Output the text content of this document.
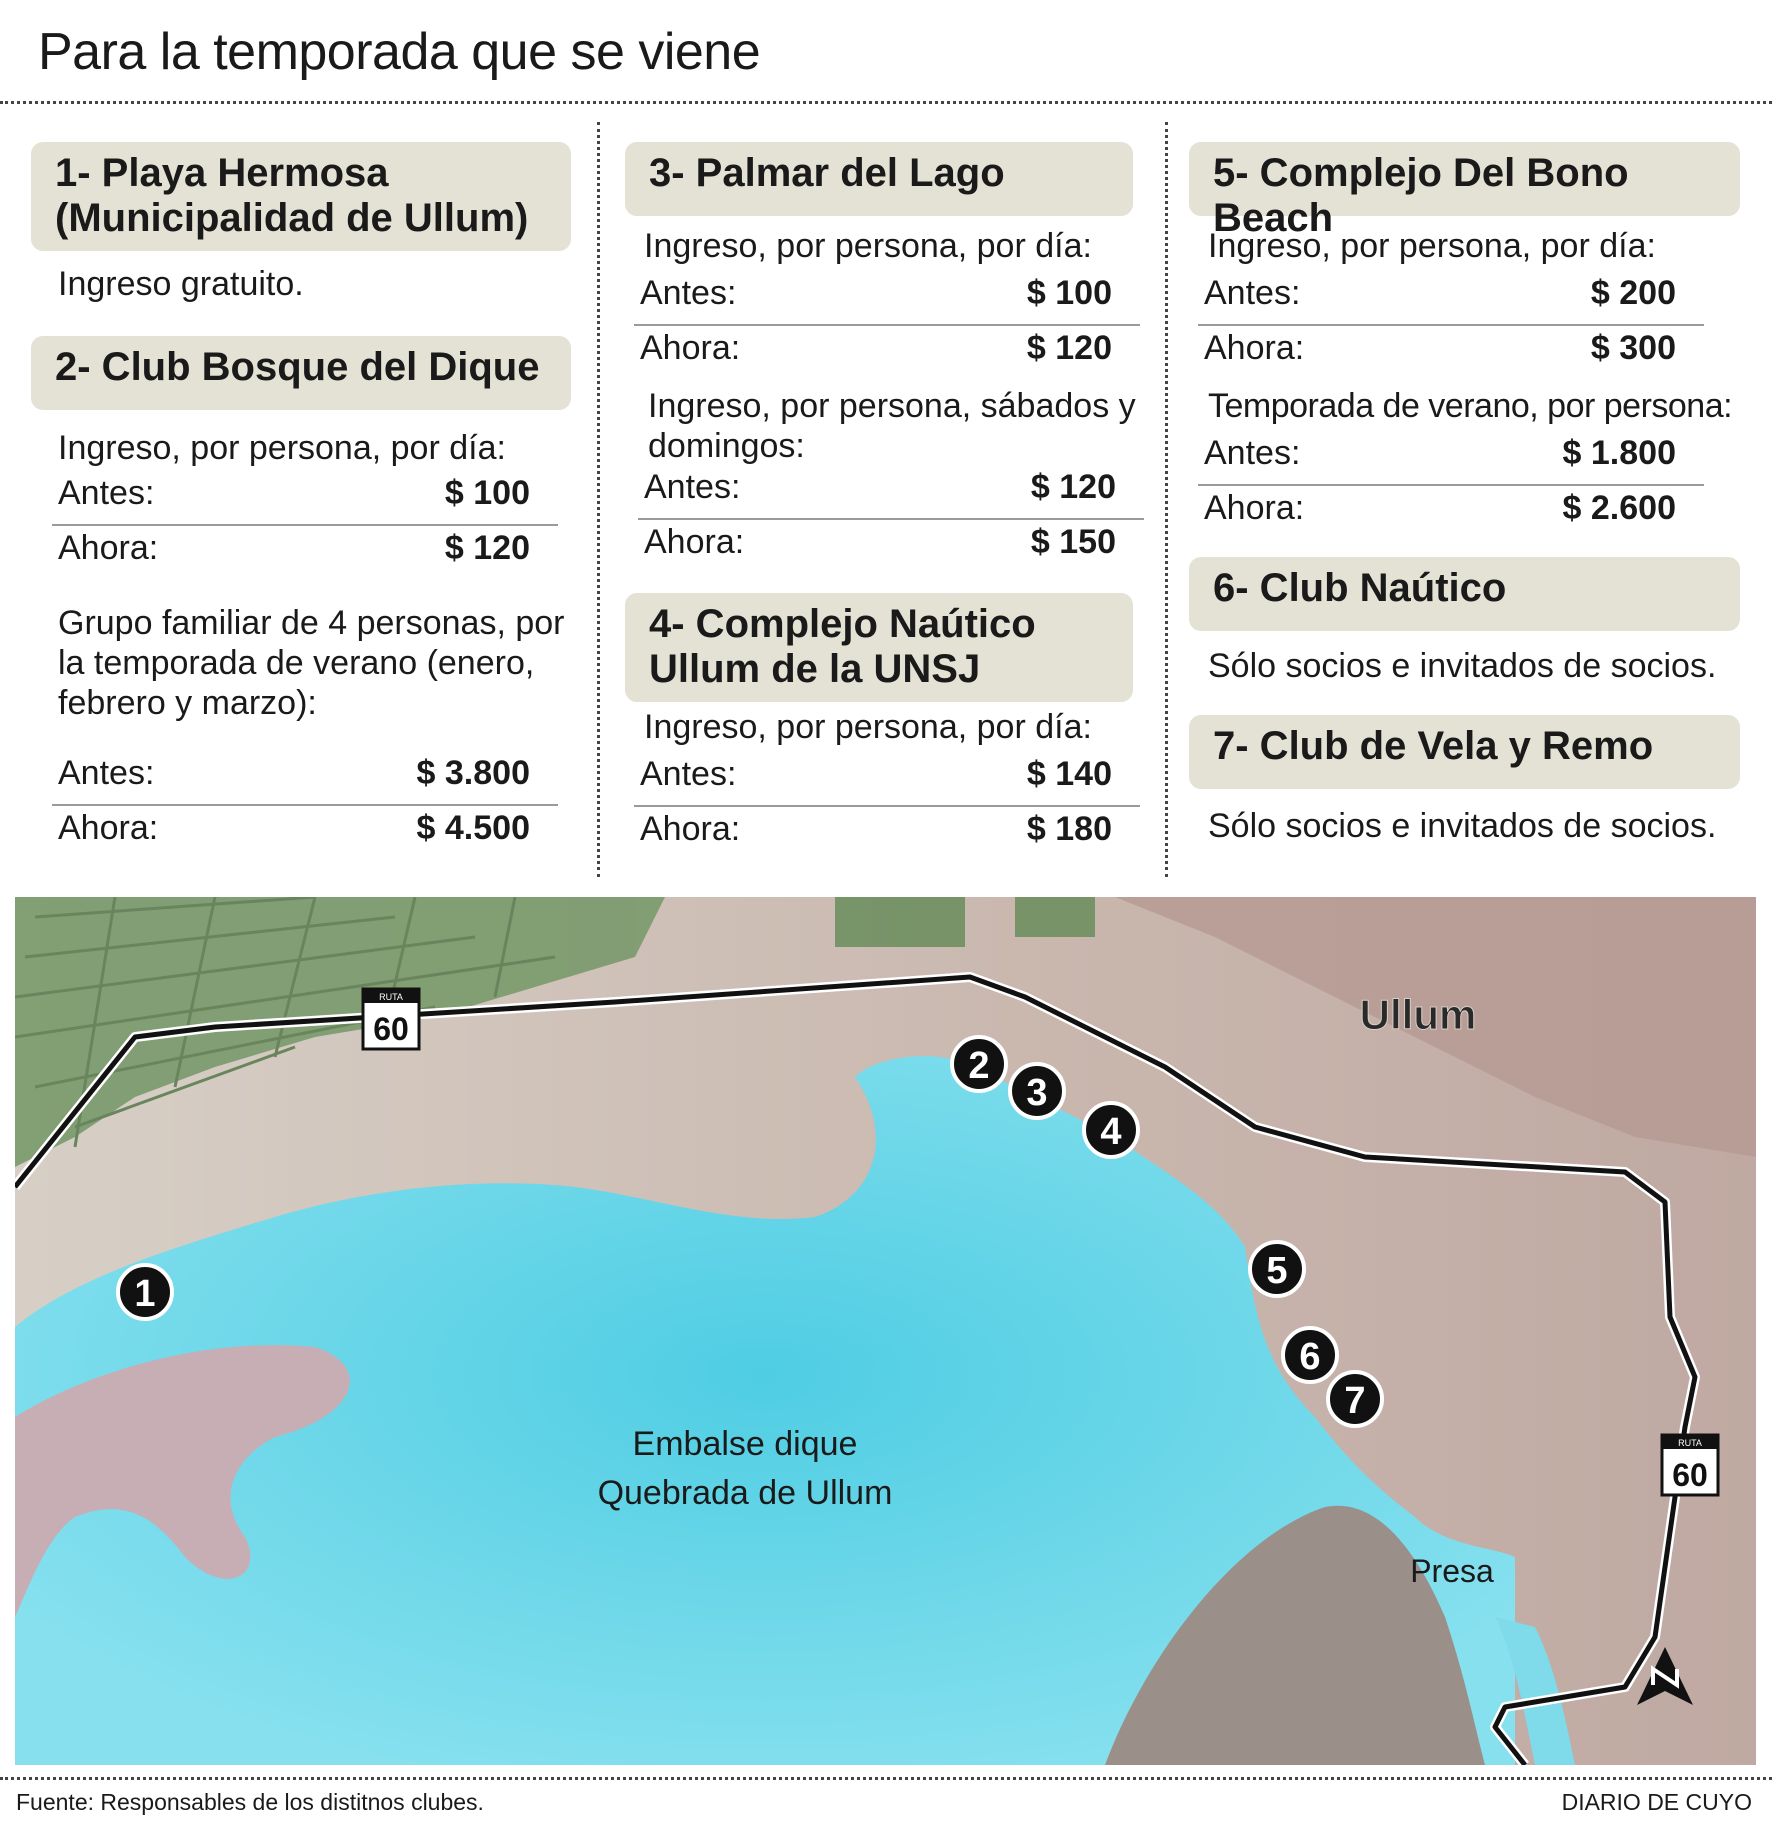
Para la temporada que se viene
1- Playa Hermosa (Municipalidad de Ullum)
Ingreso gratuito.
2- Club Bosque del Dique
Ingreso, por persona, por día:
Antes:	$ 100
Ahora:	$ 120
Grupo familiar de 4 personas, por la temporada de verano (enero, febrero y marzo):
Antes:	$ 3.800
Ahora:	$ 4.500
3- Palmar del Lago
Ingreso, por persona, por día:
Antes:	$ 100
Ahora:	$ 120
Ingreso, por persona, sábados y domingos:
Antes:	$ 120
Ahora:	$ 150
4- Complejo Naútico Ullum de la UNSJ
Ingreso, por persona, por día:
Antes:	$ 140
Ahora:	$ 180
5- Complejo Del Bono Beach
Ingreso, por persona, por día:
Antes:	$ 200
Ahora:	$ 300
Temporada de verano, por persona:
Antes:	$ 1.800
Ahora:	$ 2.600
6- Club Naútico
Sólo socios e invitados de socios.
7- Club de Vela y Remo
Sólo socios e invitados de socios.
RUTA
60
RUTA
60
1
2
3
4
5
6
7
Ullum
Embalse dique
Quebrada de Ullum
Presa
Fuente: Responsables de los distitnos clubes.	DIARIO DE CUYO
